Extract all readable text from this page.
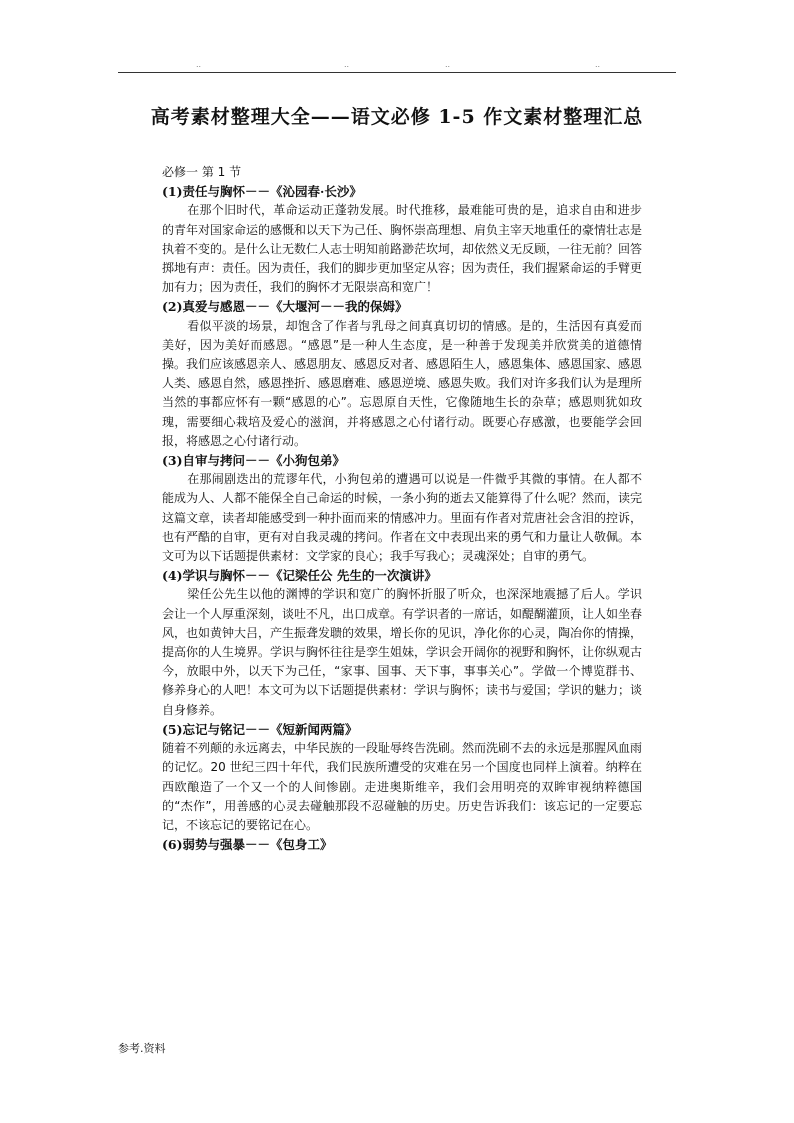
..	..	..	..
高考素材整理大全——语文必修 1-5 作文素材整理汇总

必修一 第 1 节

(1)责任与胸怀－－《沁园春·长沙》

在那个旧时代，革命运动正蓬勃发展。时代推移，最难能可贵的是，追求自由和进步的青年对国家命运的感慨和以天下为己任、胸怀崇高理想、肩负主宰天地重任的豪情壮志是执着不变的。是什么让无数仁人志士明知前路渺茫坎坷，却依然义无反顾，一往无前？回答掷地有声：责任。因为责任，我们的脚步更加坚定从容；因为责任，我们握紧命运的手臂更加有力；因为责任，我们的胸怀才无限崇高和宽广！

(2)真爱与感恩－－《大堰河－－我的保姆》

看似平淡的场景，却饱含了作者与乳母之间真真切切的情感。是的，生活因有真爱而美好，因为美好而感恩。“感恩”是一种人生态度，是一种善于发现美并欣赏美的道德情操。我们应该感恩亲人、感恩朋友、感恩反对者、感恩陌生人，感恩集体、感恩国家、感恩人类、感恩自然，感恩挫折、感恩磨难、感恩逆境、感恩失败。我们对许多我们认为是理所当然的事都应怀有一颗“感恩的心”。忘恩原自天性，它像随地生长的杂草；感恩则犹如玫瑰，需要细心栽培及爱心的滋润，并将感恩之心付诸行动。既要心存感激，也要能学会回报，将感恩之心付诸行动。

(3)自审与拷问－－《小狗包弟》

在那闹剧迭出的荒谬年代，小狗包弟的遭遇可以说是一件微乎其微的事情。在人都不能成为人、人都不能保全自己命运的时候，一条小狗的逝去又能算得了什么呢？然而，读完这篇文章，读者却能感受到一种扑面而来的情感冲力。里面有作者对荒唐社会含泪的控诉，也有严酷的自审，更有对自我灵魂的拷问。作者在文中表现出来的勇气和力量让人敬佩。本文可为以下话题提供素材：文学家的良心；我手写我心；灵魂深处；自审的勇气。

(4)学识与胸怀－－《记梁任公 先生的一次演讲》

梁任公先生以他的渊博的学识和宽广的胸怀折服了听众，也深深地震撼了后人。学识会让一个人厚重深刻，谈吐不凡，出口成章。有学识者的一席话，如醍醐灌顶，让人如坐春风，也如黄钟大吕，产生振聋发聩的效果，增长你的见识，净化你的心灵，陶冶你的情操，提高你的人生境界。学识与胸怀往往是孪生姐妹，学识会开阔你的视野和胸怀，让你纵观古今，放眼中外，以天下为己任，“家事、国事、天下事，事事关心”。学做一个博览群书、修养身心的人吧！本文可为以下话题提供素材：学识与胸怀；读书与爱国；学识的魅力；谈自身修养。

(5)忘记与铭记－－《短新闻两篇》

随着不列颠的永远离去，中华民族的一段耻辱终告洗刷。然而洗刷不去的永远是那腥风血雨的记忆。20 世纪三四十年代，我们民族所遭受的灾难在另一个国度也同样上演着。纳粹在西欧酿造了一个又一个的人间惨剧。走进奥斯维辛，我们会用明亮的双眸审视纳粹德国的“杰作”，用善感的心灵去碰触那段不忍碰触的历史。历史告诉我们：该忘记的一定要忘记，不该忘记的要铭记在心。

(6)弱势与强暴－－《包身工》

参考.资料
